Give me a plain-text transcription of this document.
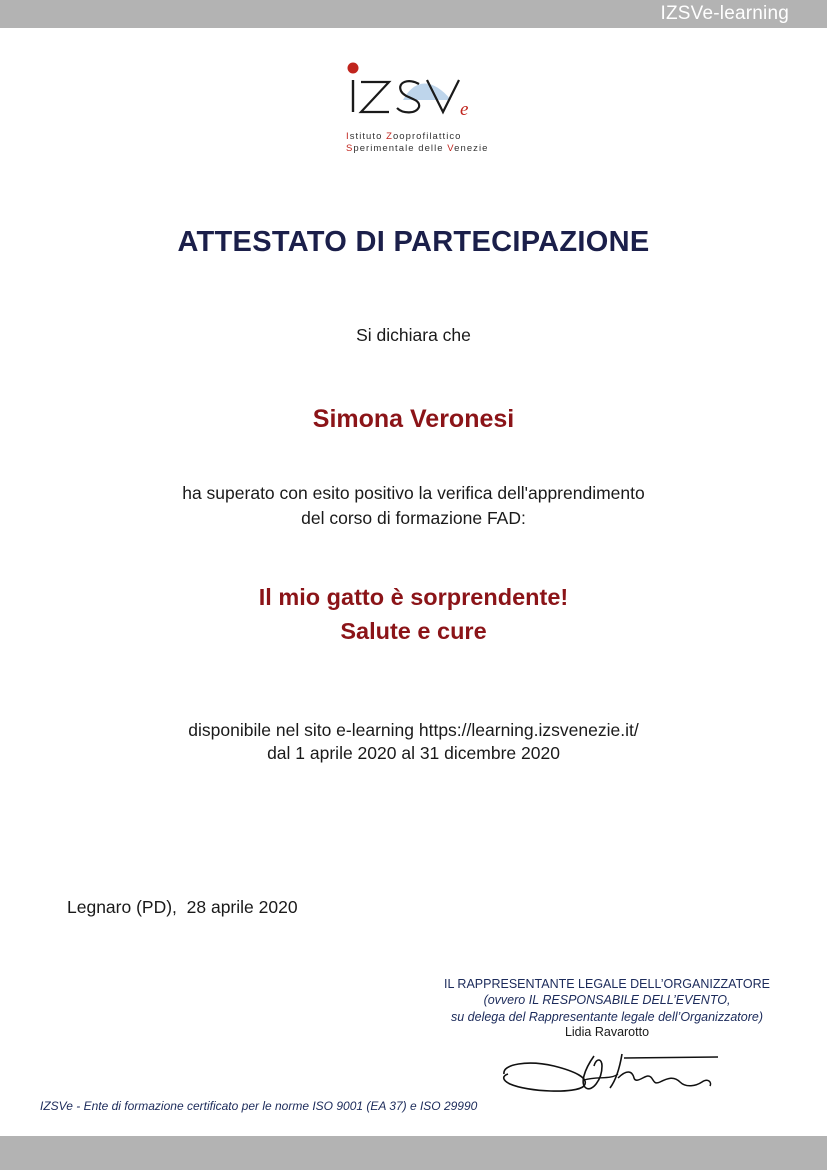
IZSVe-learning
e
Istituto Zooprofilattico
Sperimentale delle Venezie
ATTESTATO DI PARTECIPAZIONE
Si dichiara che
Simona Veronesi
ha superato con esito positivo la verifica dell'apprendimento
del corso di formazione FAD:
Il mio gatto è sorprendente!
Salute e cure
disponibile nel sito e-learning https://learning.izsvenezie.it/
dal 1 aprile 2020 al 31 dicembre 2020
Legnaro (PD),  28 aprile 2020
IL RAPPRESENTANTE LEGALE DELL’ORGANIZZATORE
(ovvero IL RESPONSABILE DELL’EVENTO,
su delega del Rappresentante legale dell’Organizzatore)
Lidia Ravarotto
IZSVe - Ente di formazione certificato per le norme ISO 9001 (EA 37) e ISO 29990
